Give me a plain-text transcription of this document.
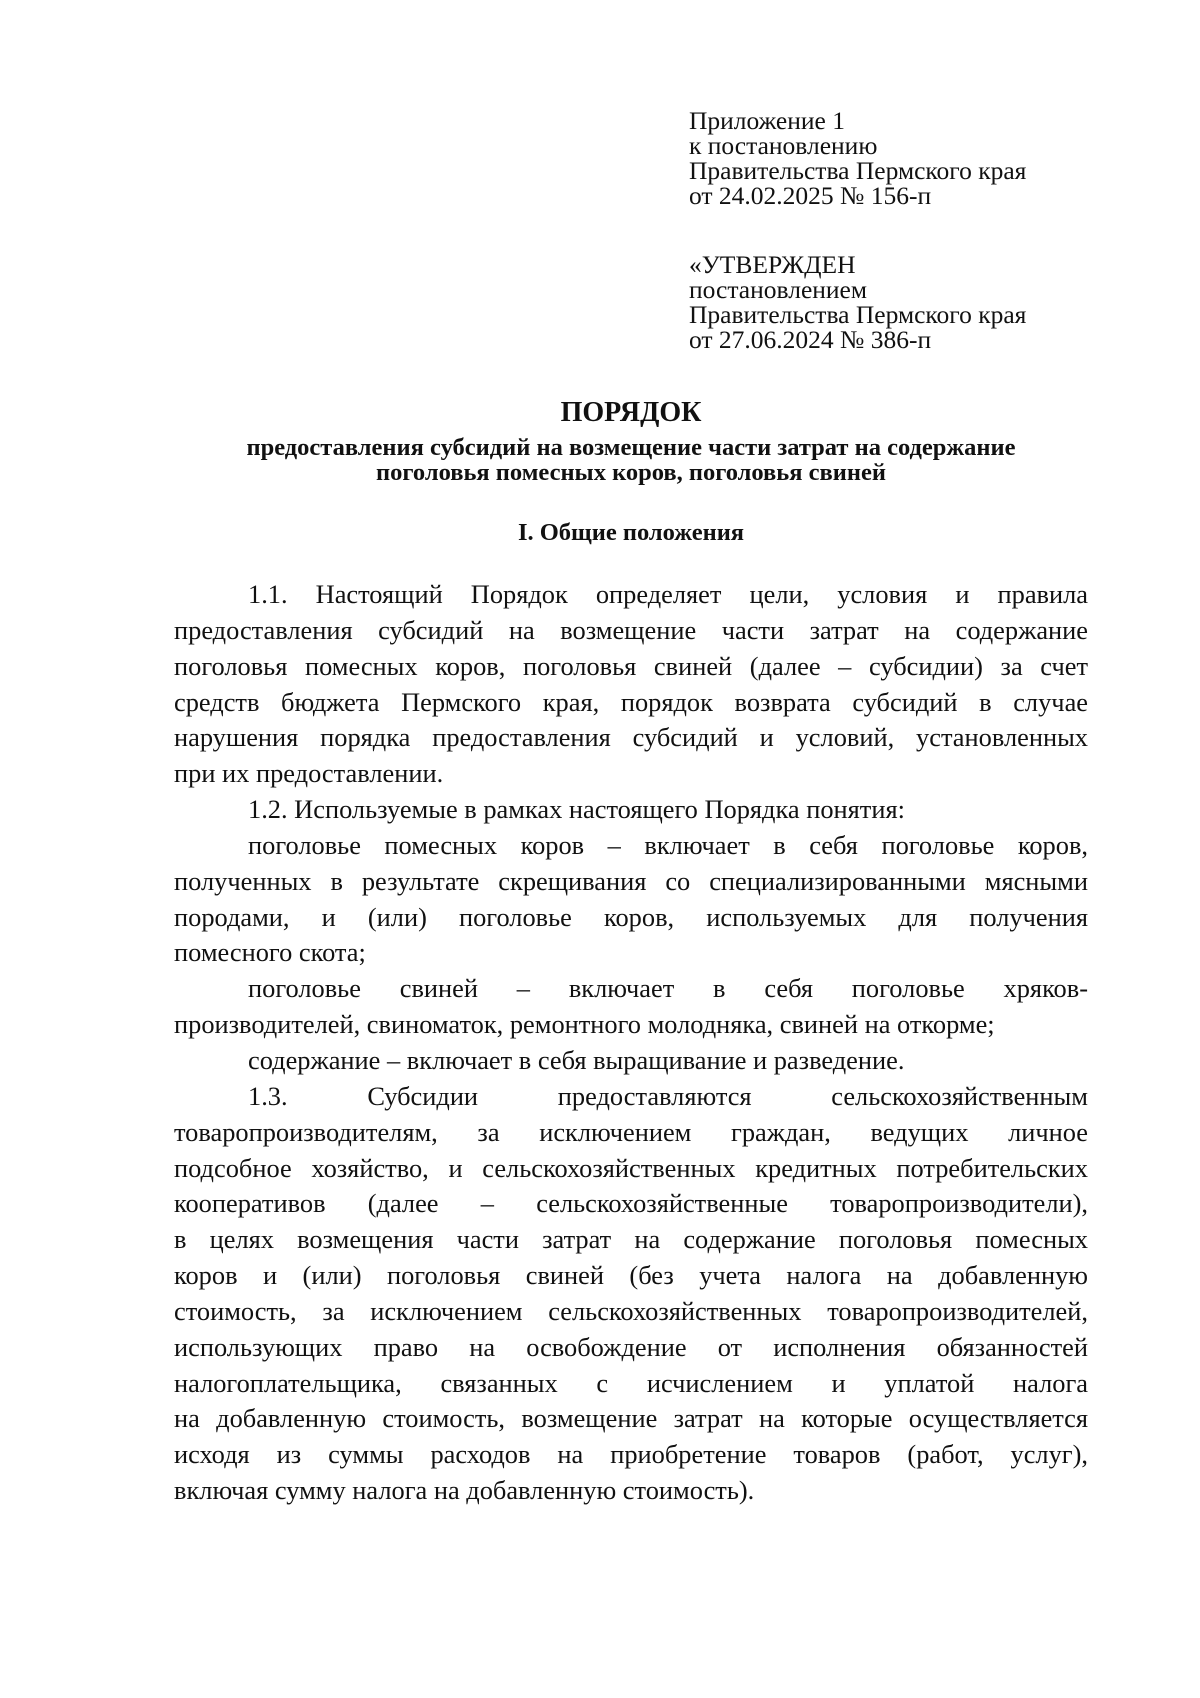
Приложение 1
к постановлению
Правительства Пермского края
от 24.02.2025 № 156-п
«УТВЕРЖДЕН
постановлением
Правительства Пермского края
от 27.06.2024 № 386-п
ПОРЯДОК
предоставления субсидий на возмещение части затрат на содержание
поголовья помесных коров, поголовья свиней
I. Общие положения
1.1. Настоящий Порядок определяет цели, условия и правила
предоставления субсидий на возмещение части затрат на содержание
поголовья помесных коров, поголовья свиней (далее – субсидии) за счет
средств бюджета Пермского края, порядок возврата субсидий в случае
нарушения порядка предоставления субсидий и условий, установленных
при их предоставлении.
1.2. Используемые в рамках настоящего Порядка понятия:
поголовье помесных коров – включает в себя поголовье коров,
полученных в результате скрещивания со специализированными мясными
породами, и (или) поголовье коров, используемых для получения
помесного скота;
поголовье свиней – включает в себя поголовье хряков-
производителей, свиноматок, ремонтного молодняка, свиней на откорме;
содержание – включает в себя выращивание и разведение.
1.3. Субсидии предоставляются сельскохозяйственным
товаропроизводителям, за исключением граждан, ведущих личное
подсобное хозяйство, и сельскохозяйственных кредитных потребительских
кооперативов (далее – сельскохозяйственные товаропроизводители),
в целях возмещения части затрат на содержание поголовья помесных
коров и (или) поголовья свиней (без учета налога на добавленную
стоимость, за исключением сельскохозяйственных товаропроизводителей,
использующих право на освобождение от исполнения обязанностей
налогоплательщика, связанных с исчислением и уплатой налога
на добавленную стоимость, возмещение затрат на которые осуществляется
исходя из суммы расходов на приобретение товаров (работ, услуг),
включая сумму налога на добавленную стоимость).
